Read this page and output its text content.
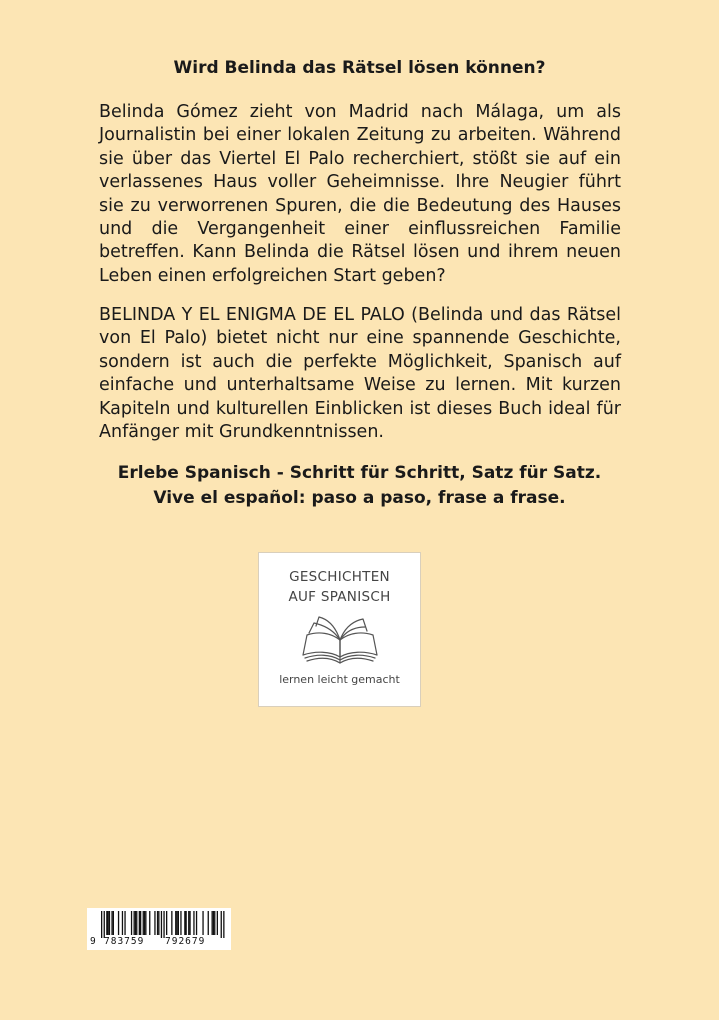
Wird Belinda das Rätsel lösen können?
Belinda Gómez zieht von Madrid nach Málaga, um als Journalistin bei einer lokalen Zeitung zu arbeiten. Während sie über das Viertel El Palo recherchiert, stößt sie auf ein verlassenes Haus voller Geheimnisse. Ihre Neugier führt sie zu verworrenen Spuren, die die Bedeutung des Hauses und die Vergangenheit einer einflussreichen Familie betreffen. Kann Belinda die Rätsel lösen und ihrem neuen Leben einen erfolgreichen Start geben?
BELINDA Y EL ENIGMA DE EL PALO (Belinda und das Rätsel von El Palo) bietet nicht nur eine spannende Geschichte, sondern ist auch die perfekte Möglichkeit, Spanisch auf einfache und unterhaltsame Weise zu lernen. Mit kurzen Kapiteln und kulturellen Einblicken ist dieses Buch ideal für Anfänger mit Grundkenntnissen.
Erlebe Spanisch - Schritt für Schritt, Satz für Satz.
Vive el español: paso a paso, frase a frase.
GESCHICHTEN
AUF SPANISCH
lernen leicht gemacht

9

783759

792679
